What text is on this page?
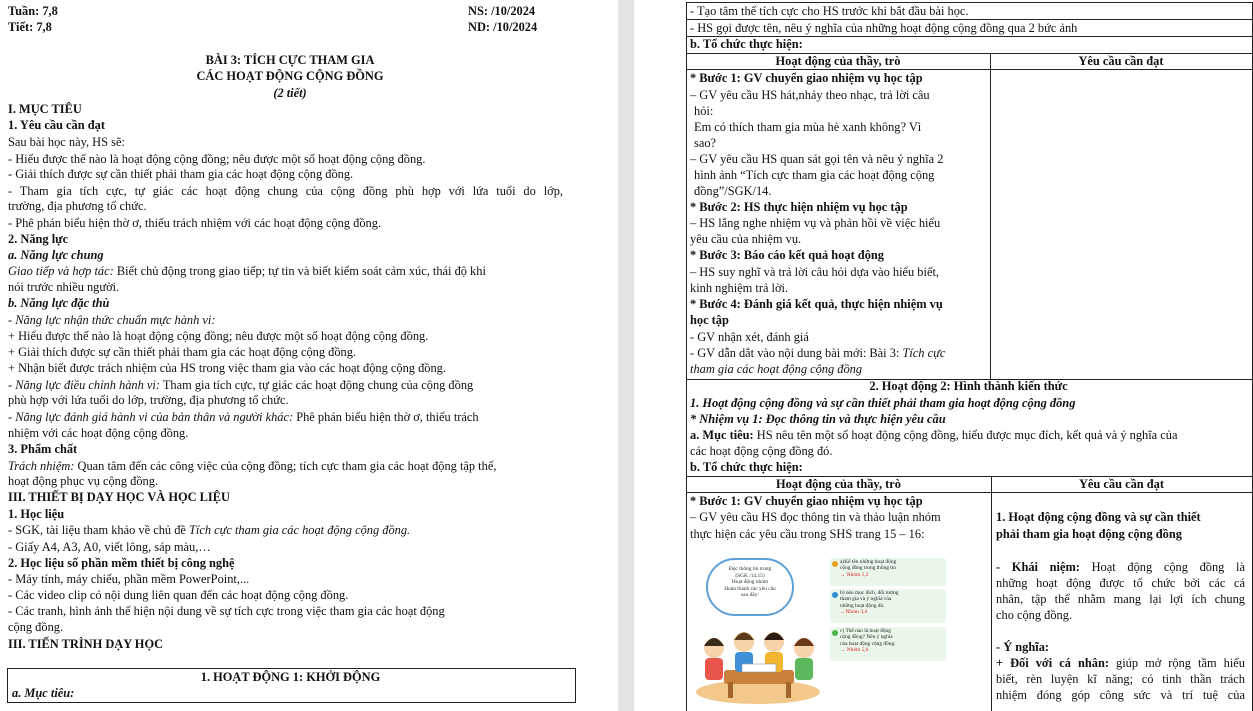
Tuần: 7,8
Tiết: 7,8
NS: /10/2024
ND: /10/2024
BÀI 3: TÍCH CỰC THAM GIA
CÁC HOẠT ĐỘNG CỘNG ĐỒNG
(2 tiết)
I. MỤC TIÊU
1. Yêu cầu cần đạt
Sau bài học này, HS sẽ:
- Hiểu được thế nào là hoạt động cộng đồng; nêu được một số hoạt động cộng đồng.
- Giải thích được sự cần thiết phải tham gia các hoạt động cộng đồng.
- Tham gia tích cực, tự giác các hoạt động chung của cộng đồng phù hợp với lứa tuổi do lớp,
trường, địa phương tổ chức.
- Phê phán biểu hiện thờ ơ, thiếu trách nhiệm với các hoạt động cộng đồng.
2. Năng lực
a. Năng lực chung
Giao tiếp và hợp tác: Biết chủ động trong giao tiếp; tự tin và biết kiểm soát cảm xúc, thái độ khi
nói trước nhiều người.
b. Năng lực đặc thù
- Năng lực nhận thức chuẩn mực hành vi:
+ Hiểu được thế nào là hoạt động cộng đồng; nêu được một số hoạt động cộng đồng.
+ Giải thích được sự cần thiết phải tham gia các hoạt động cộng đồng.
+ Nhận biết được trách nhiệm của HS trong việc tham gia vào các hoạt động cộng đồng.
- Năng lực điều chỉnh hành vi: Tham gia tích cực, tự giác các hoạt động chung của cộng đồng
phù hợp với lứa tuổi do lớp, trường, địa phương tổ chức.
- Năng lực đánh giá hành vi của bản thân và người khác: Phê phán biểu hiện thờ ơ, thiếu trách
nhiệm với các hoạt động cộng đồng.
3. Phẩm chất
Trách nhiệm: Quan tâm đến các công việc của cộng đồng; tích cực tham gia các hoạt động tập thể,
hoạt động phục vụ cộng đồng.
III. THIẾT BỊ DẠY HỌC VÀ HỌC LIỆU
1. Học liệu
- SGK, tài liệu tham khảo về chủ đề Tích cực tham gia các hoạt động cộng đồng.
- Giấy A4, A3, A0, viết lông, sáp màu,…
2. Học liệu số phần mềm thiết bị công nghệ
- Máy tính, máy chiếu, phần mềm PowerPoint,...
- Các video clip có nội dung liên quan đến các hoạt động cộng đồng.
- Các tranh, hình ảnh thể hiện nội dung về sự tích cực trong việc tham gia các hoạt động
cộng đồng.
III. TIẾN TRÌNH DẠY HỌC
1. HOẠT ĐỘNG 1: KHỞI ĐỘNG
a. Mục tiêu:
- Tạo tâm thế tích cực cho HS trước khi bắt đầu bài học.
- HS gọi được tên, nêu ý nghĩa của những hoạt động cộng đồng qua 2 bức ảnh
b. Tổ chức thực hiện:
Hoạt động của thầy, trò	Yêu cầu cần đạt
* Bước 1: GV chuyển giao nhiệm vụ học tập
– GV yêu cầu HS hát,nhảy theo nhạc, trả lời câu
hỏi:
Em có thích tham gia mùa hè xanh không? Vì
sao?
– GV yêu cầu HS quan sát gọi tên và nêu ý nghĩa 2
hình ảnh “Tích cực tham gia các hoạt động cộng
đồng”/SGK/14.
* Bước 2: HS thực hiện nhiệm vụ học tập
– HS lắng nghe nhiệm vụ và phản hồi về việc hiểu
yêu cầu của nhiệm vụ.
* Bước 3: Báo cáo kết quả hoạt động
– HS suy nghĩ và trả lời câu hỏi dựa vào hiểu biết,
kinh nghiệm trả lời.
* Bước 4: Đánh giá kết quả, thực hiện nhiệm vụ
học tập
- GV nhận xét, đánh giá
- GV dẫn dắt vào nội dung bài mới: Bài 3: Tích cực
tham gia các hoạt động cộng đồng
2. Hoạt động 2: Hình thành kiến thức
1. Hoạt động cộng đồng và sự cần thiết phải tham gia hoạt động cộng đồng
* Nhiệm vụ 1: Đọc thông tin và thực hiện yêu cầu
a. Mục tiêu: HS nêu tên một số hoạt động cộng đồng, hiểu được mục đích, kết quả và ý nghĩa của
các hoạt động cộng đồng đó.
b. Tổ chức thực hiện:
Hoạt động của thầy, trò	Yêu cầu cần đạt
* Bước 1: GV chuyển giao nhiệm vụ học tập
– GV yêu cầu HS đọc thông tin và thảo luận nhóm
thực hiện các yêu cầu trong SHS trang 15 – 16:
1. Hoạt động cộng đồng và sự cần thiết
phải tham gia hoạt động cộng đồng
- Khái niệm: Hoạt động cộng đồng là
những hoạt động được tổ chức bởi các cá
nhân, tập thể nhằm mang lại lợi ích chung
cho cộng đồng.
- Ý nghĩa:
+ Đối với cá nhân: giúp mở rộng tầm hiểu
biết, rèn luyện kĩ năng; có tinh thần trách
nhiệm đóng góp công sức và trí tuệ của
Đọc thông tin trong
(SGK /14,15)
Hoạt động nhóm
Hoàn thành các yêu cầu
sau đây:
a)Kể tên những hoạt động
cộng đồng trong thông tin
→ Nhóm 1,2
b) nêu mục đích, đối tượng
tham gia và ý nghĩa của
những hoạt động đó.
→Nhóm 3,4
c) Thế nào là hoạt động
cộng đồng? Nêu ý nghĩa
của hoạt động cộng đồng.
→ Nhóm 5,6
